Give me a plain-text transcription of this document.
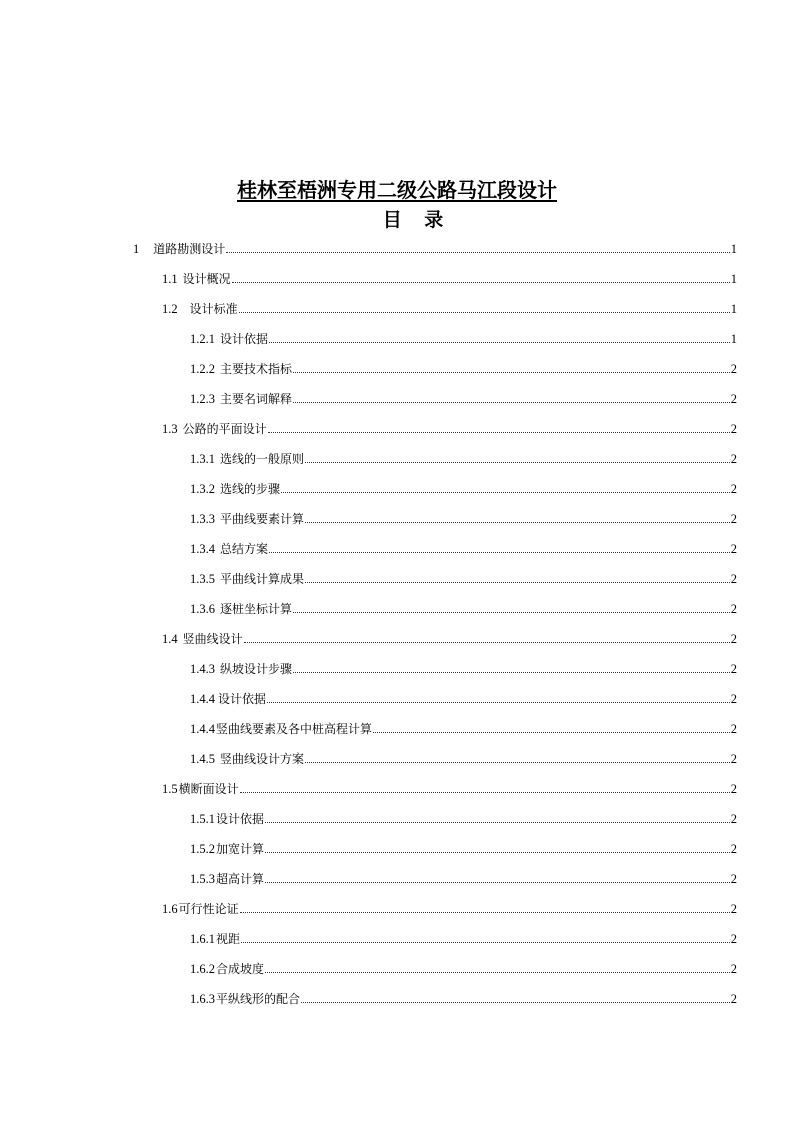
桂林至梧洲专用二级公路马江段设计
目 录
1 道路勘测设计	1
1.1 设计概况	1
1.2 设计标准	1
1.2.1 设计依据	1
1.2.2 主要技术指标	2
1.2.3 主要名词解释	2
1.3 公路的平面设计	2
1.3.1 选线的一般原则	2
1.3.2 选线的步骤	2
1.3.3 平曲线要素计算	2
1.3.4 总结方案	2
1.3.5 平曲线计算成果	2
1.3.6 逐桩坐标计算	2
1.4 竖曲线设计	2
1.4.3 纵坡设计步骤	2
1.4.4 设计依据	2
1.4.4 竖曲线要素及各中桩高程计算	2
1.4.5 竖曲线设计方案	2
1.5 横断面设计	2
1.5.1 设计依据	2
1.5.2 加宽计算	2
1.5.3 超高计算	2
1.6 可行性论证	2
1.6.1 视距	2
1.6.2 合成坡度	2
1.6.3 平纵线形的配合	2
